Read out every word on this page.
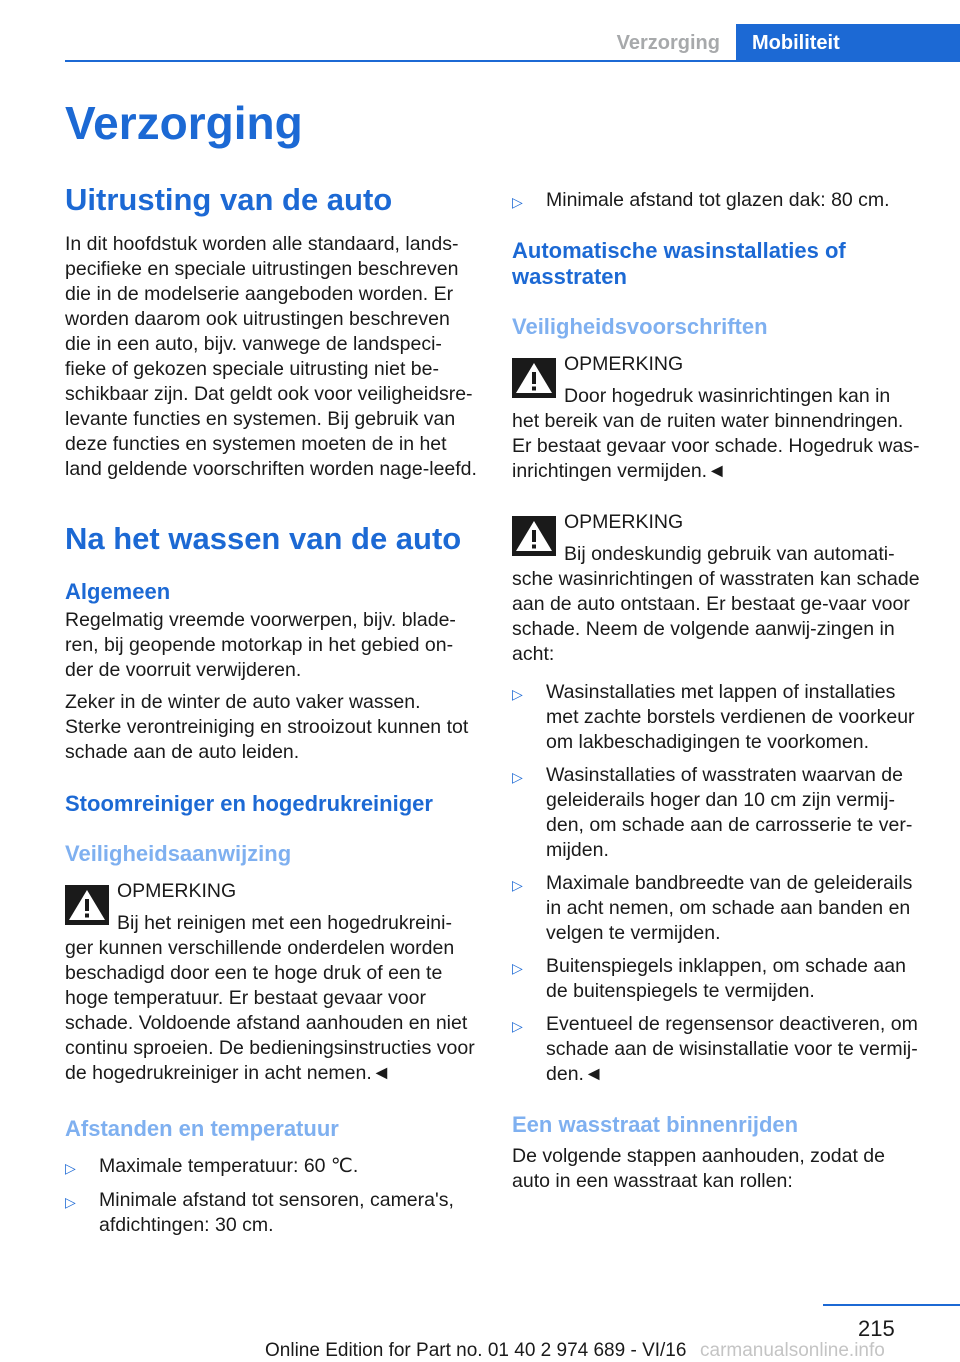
Verzorging	Mobiliteit
Verzorging
Uitrusting van de auto
In dit hoofdstuk worden alle standaard, lands-pecifieke en speciale uitrustingen beschreven die in de modelserie aangeboden worden. Er worden daarom ook uitrustingen beschreven die in een auto, bijv. vanwege de landspeci-fieke of gekozen speciale uitrusting niet be-schikbaar zijn. Dat geldt ook voor veiligheidsre-levante functies en systemen. Bij gebruik van deze functies en systemen moeten de in het land geldende voorschriften worden nage-leefd.
Na het wassen van de auto
Algemeen
Regelmatig vreemde voorwerpen, bijv. blade-ren, bij geopende motorkap in het gebied on-der de voorruit verwijderen.
Zeker in de winter de auto vaker wassen. Sterke verontreiniging en strooizout kunnen tot schade aan de auto leiden.
Stoomreiniger en hogedrukreiniger
Veiligheidsaanwijzing
OPMERKING
Bij het reinigen met een hogedrukreini-
ger kunnen verschillende onderdelen worden beschadigd door een te hoge druk of een te hoge temperatuur. Er bestaat gevaar voor schade. Voldoende afstand aanhouden en niet continu sproeien. De bedieningsinstructies voor de hogedrukreiniger in acht nemen.◄
Afstanden en temperatuur
▷	Maximale temperatuur: 60 ℃.
▷	Minimale afstand tot sensoren, camera's, afdichtingen: 30 cm.
▷	Minimale afstand tot glazen dak: 80 cm.
Automatische wasinstallaties of wasstraten
Veiligheidsvoorschriften
OPMERKING
Door hogedruk wasinrichtingen kan in
het bereik van de ruiten water binnendringen. Er bestaat gevaar voor schade. Hogedruk was-inrichtingen vermijden.◄
OPMERKING
Bij ondeskundig gebruik van automati-
sche wasinrichtingen of wasstraten kan schade aan de auto ontstaan. Er bestaat ge-vaar voor schade. Neem de volgende aanwij-zingen in acht:
▷	Wasinstallaties met lappen of installaties met zachte borstels verdienen de voorkeur om lakbeschadigingen te voorkomen.
▷	Wasinstallaties of wasstraten waarvan de geleiderails hoger dan 10 cm zijn vermij-den, om schade aan de carrosserie te ver-mijden.
▷	Maximale bandbreedte van de geleiderails in acht nemen, om schade aan banden en velgen te vermijden.
▷	Buitenspiegels inklappen, om schade aan de buitenspiegels te vermijden.
▷	Eventueel de regensensor deactiveren, om schade aan de wisinstallatie voor te vermij-den.◄
Een wasstraat binnenrijden
De volgende stappen aanhouden, zodat de auto in een wasstraat kan rollen:
215
Online Edition for Part no. 01 40 2 974 689 - VI/16 carmanualsonline.info
